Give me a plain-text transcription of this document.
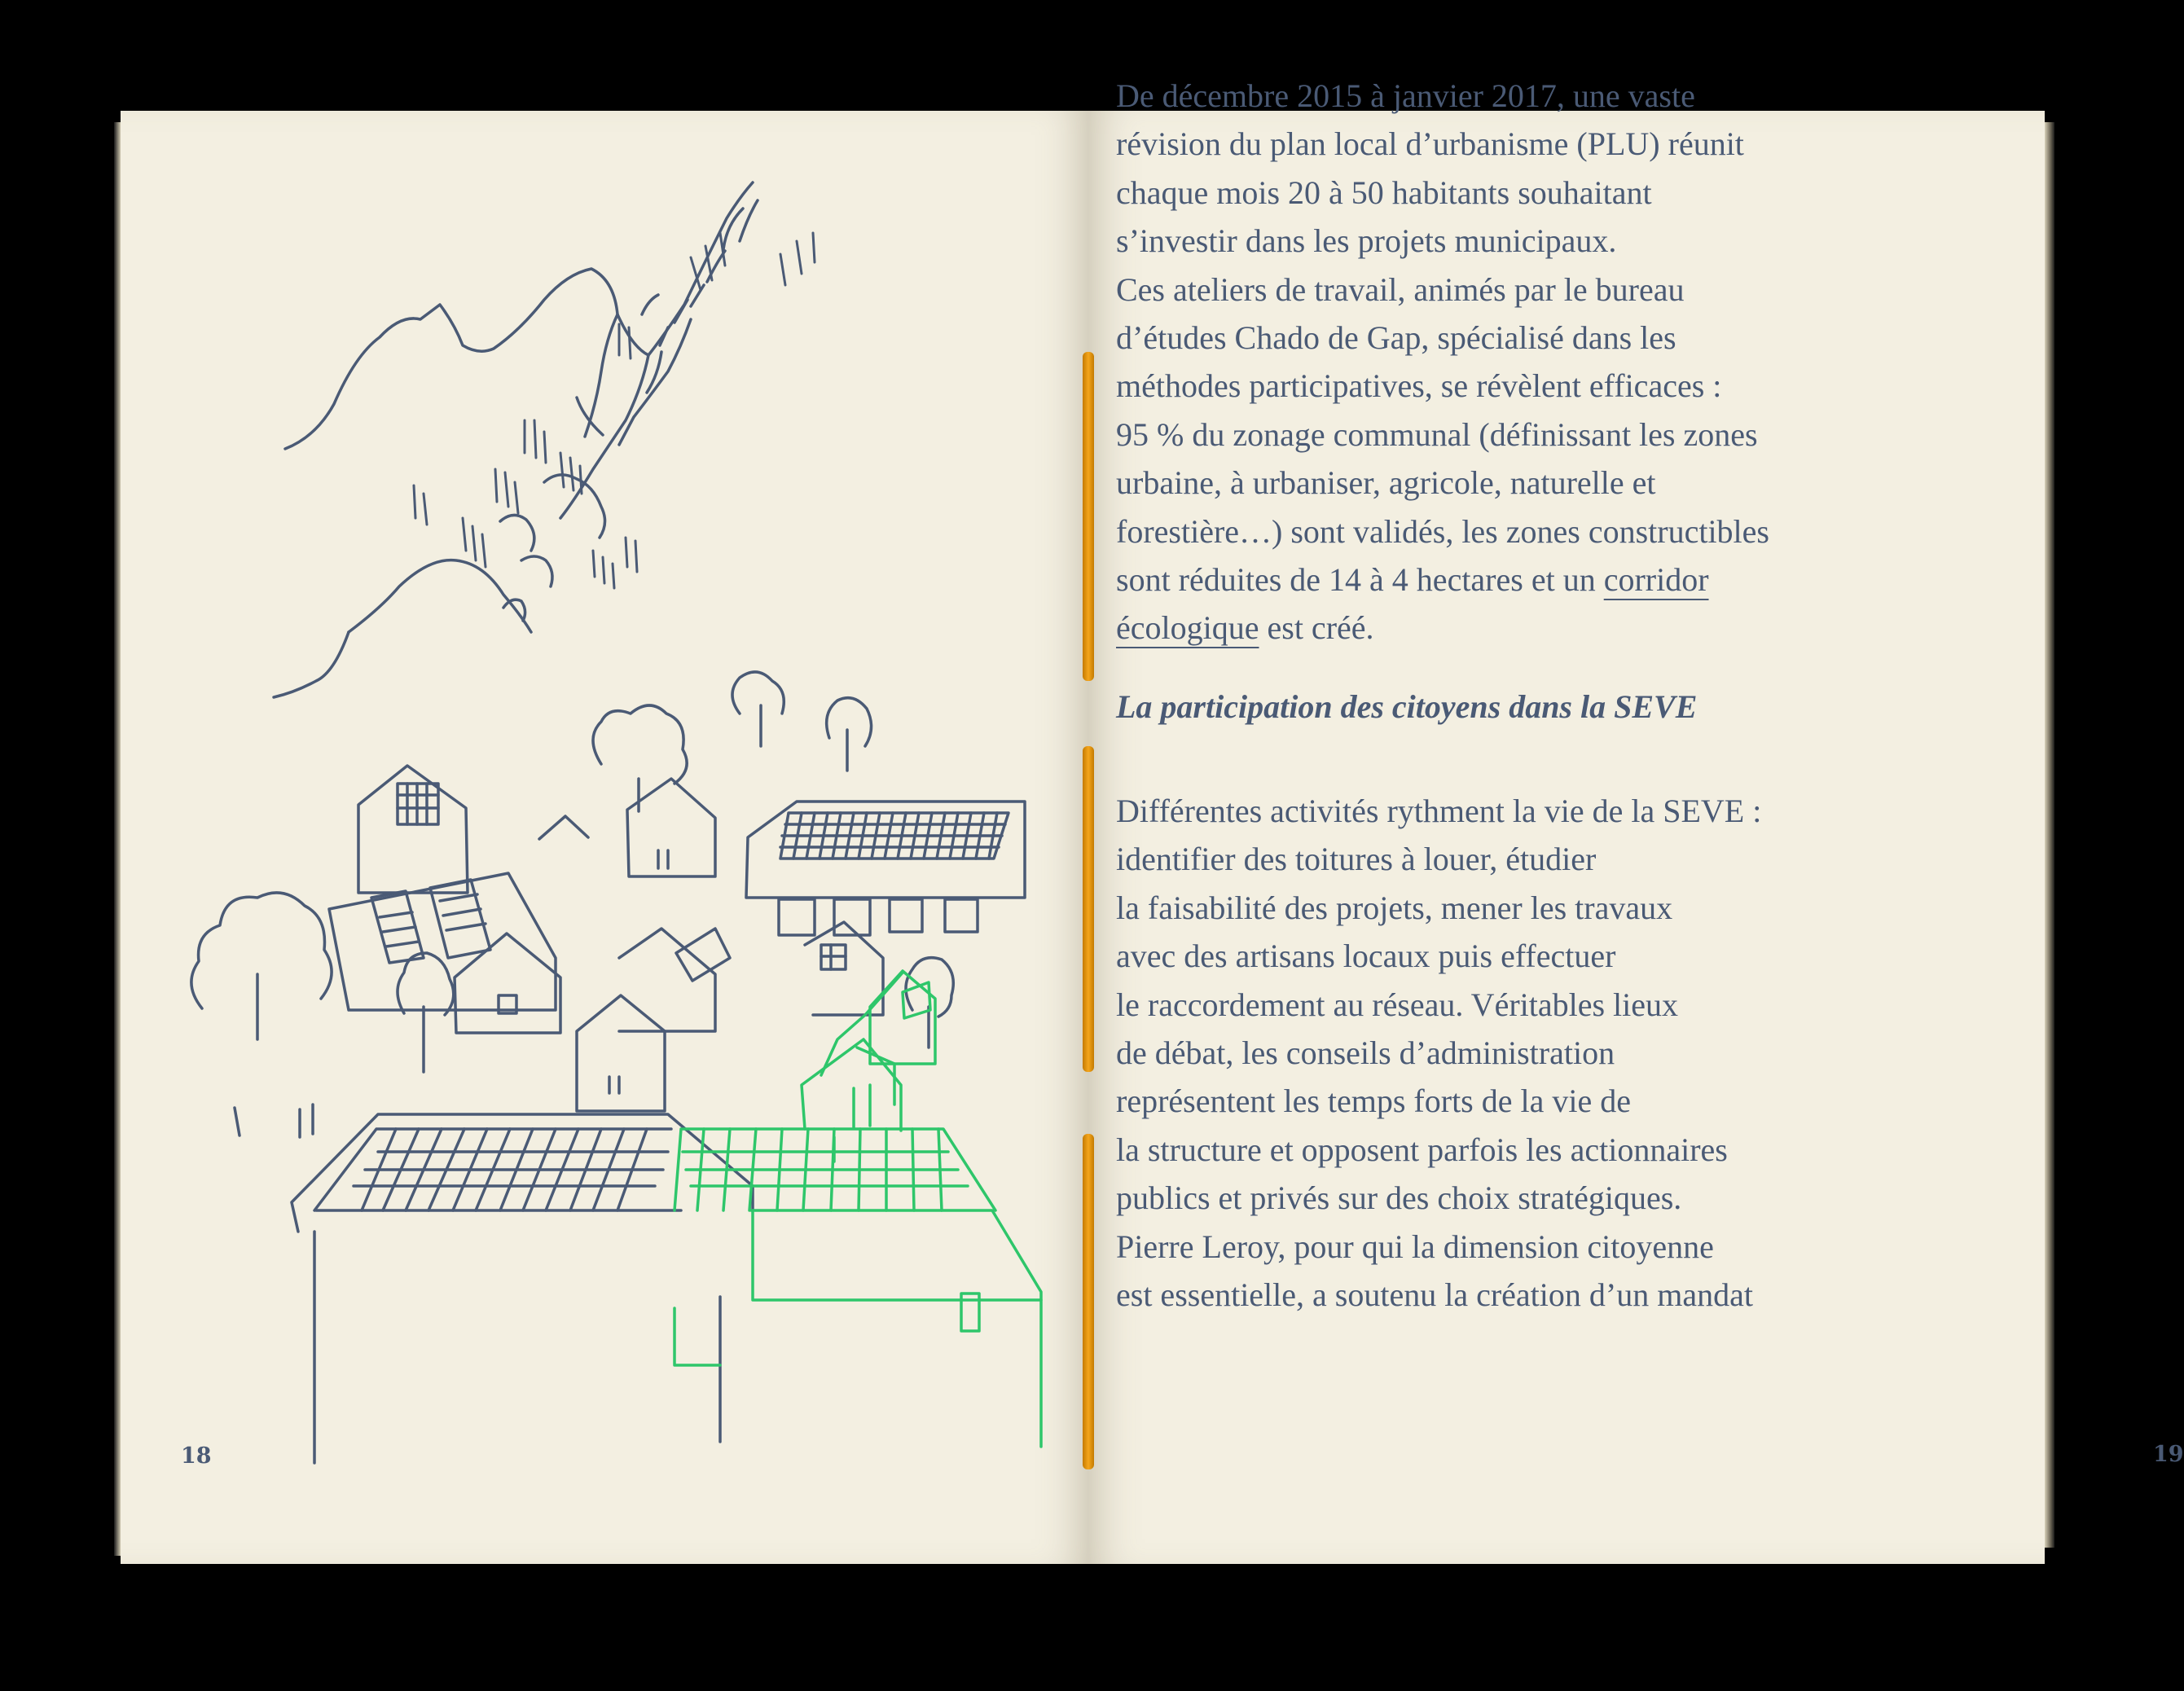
18	19

De décembre 2015 à janvier 2017, une vaste
révision du plan local d’urbanisme (PLU) réunit
chaque mois 20 à 50 habitants souhaitant
s’investir dans les projets municipaux.
Ces ateliers de travail, animés par le bureau
d’études Chado de Gap, spécialisé dans les
méthodes participatives, se révèlent efficaces :
95 % du zonage communal (définissant les zones
urbaine, à urbaniser, agricole, naturelle et
forestière…) sont validés, les zones constructibles
sont réduites de 14 à 4 hectares et un corridor
écologique est créé.

La participation des citoyens dans la SEVE

Différentes activités rythment la vie de la SEVE :
identifier des toitures à louer, étudier
la faisabilité des projets, mener les travaux
avec des artisans locaux puis effectuer
le raccordement au réseau. Véritables lieux
de débat, les conseils d’administration
représentent les temps forts de la vie de
la structure et opposent parfois les actionnaires
publics et privés sur des choix stratégiques.
Pierre Leroy, pour qui la dimension citoyenne
est essentielle, a soutenu la création d’un mandat
